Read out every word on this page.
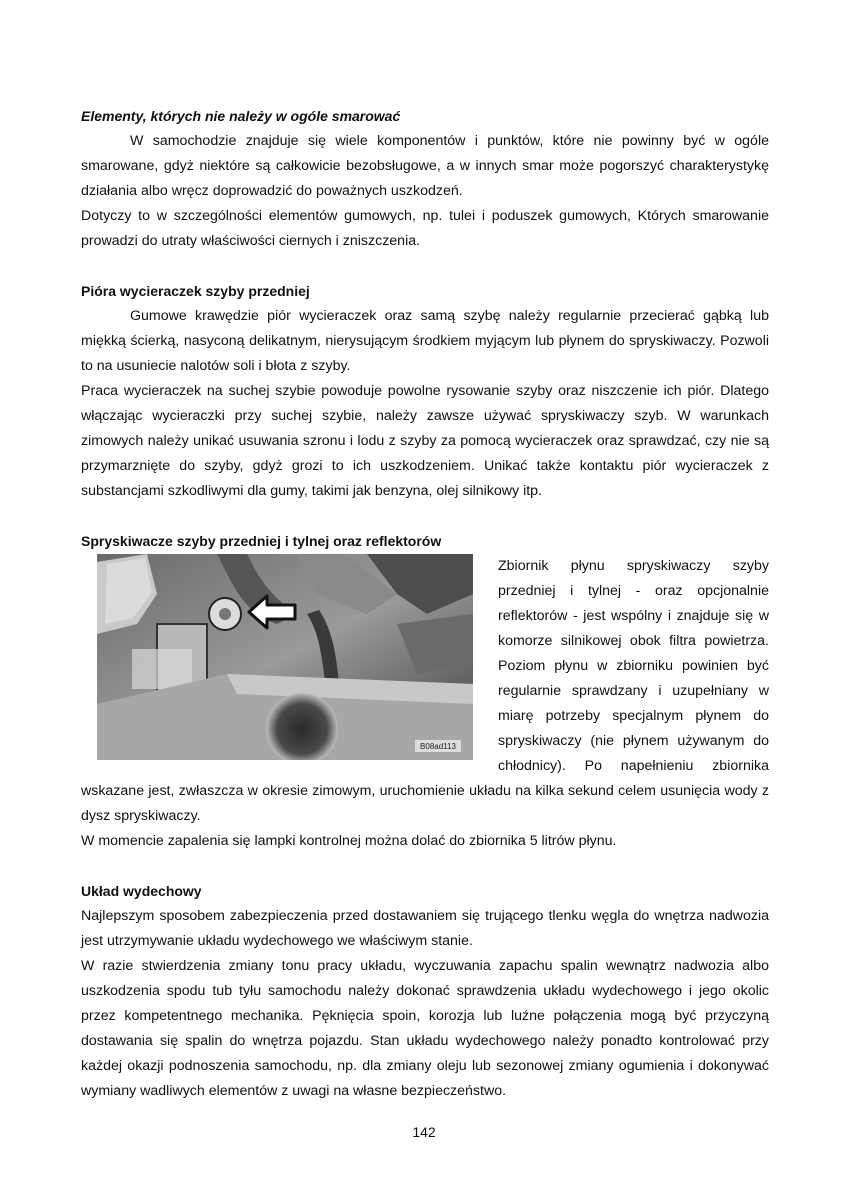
Elementy, których nie należy w ogóle smarować

W samochodzie znajduje się wiele komponentów i punktów, które nie powinny być w ogóle smarowane, gdyż niektóre są całkowicie bezobsługowe, a w innych smar może pogorszyć charakterystykę działania albo wręcz doprowadzić do poważnych uszkodzeń.

Dotyczy to w szczególności elementów gumowych, np. tulei i poduszek gumowych, Których smarowanie prowadzi do utraty właściwości ciernych i zniszczenia.

Pióra wycieraczek szyby przedniej

Gumowe krawędzie piór wycieraczek oraz samą szybę należy regularnie przecierać gąbką lub miękką ścierką, nasyconą delikatnym, nierysującym środkiem myjącym lub płynem do spryskiwaczy. Pozwoli to na usuniecie nalotów soli i błota z szyby.

Praca wycieraczek na suchej szybie powoduje powolne rysowanie szyby oraz niszczenie ich piór. Dlatego włączając wycieraczki przy suchej szybie, należy zawsze używać spryskiwaczy szyb. W warunkach zimowych należy unikać usuwania szronu i lodu z szyby za pomocą wycieraczek oraz sprawdzać, czy nie są przymarznięte do szyby, gdyż grozi to ich uszkodzeniem. Unikać także kontaktu piór wycieraczek z substancjami szkodliwymi dla gumy, takimi jak benzyna, olej silnikowy itp.

Spryskiwacze szyby przedniej i tylnej oraz reflektorów
B08ad113

Zbiornik płynu spryskiwaczy szyby przedniej i tylnej - oraz opcjonalnie reflektorów - jest wspólny i znajduje się w komorze silnikowej obok filtra powietrza. Poziom płynu w zbiorniku powinien być regularnie sprawdzany i uzupełniany w miarę potrzeby specjalnym płynem do spryskiwaczy (nie płynem używanym do chłodnicy). Po napełnieniu zbiornika wskazane jest, zwłaszcza w okresie zimowym, uruchomienie układu na kilka sekund celem usunięcia wody z dysz spryskiwaczy.

W momencie zapalenia się lampki kontrolnej można dolać do zbiornika 5 litrów płynu.

Układ wydechowy

Najlepszym sposobem zabezpieczenia przed dostawaniem się trującego tlenku węgla do wnętrza nadwozia jest utrzymywanie układu wydechowego we właściwym stanie.

W razie stwierdzenia zmiany tonu pracy układu, wyczuwania zapachu spalin wewnątrz nadwozia albo uszkodzenia spodu tub tyłu samochodu należy dokonać sprawdzenia układu wydechowego i jego okolic przez kompetentnego mechanika. Pęknięcia spoin, korozja lub luźne połączenia mogą być przyczyną dostawania się spalin do wnętrza pojazdu. Stan układu wydechowego należy ponadto kontrolować przy każdej okazji podnoszenia samochodu, np. dla zmiany oleju lub sezonowej zmiany ogumienia i dokonywać wymiany wadliwych elementów z uwagi na własne bezpieczeństwo.

142
